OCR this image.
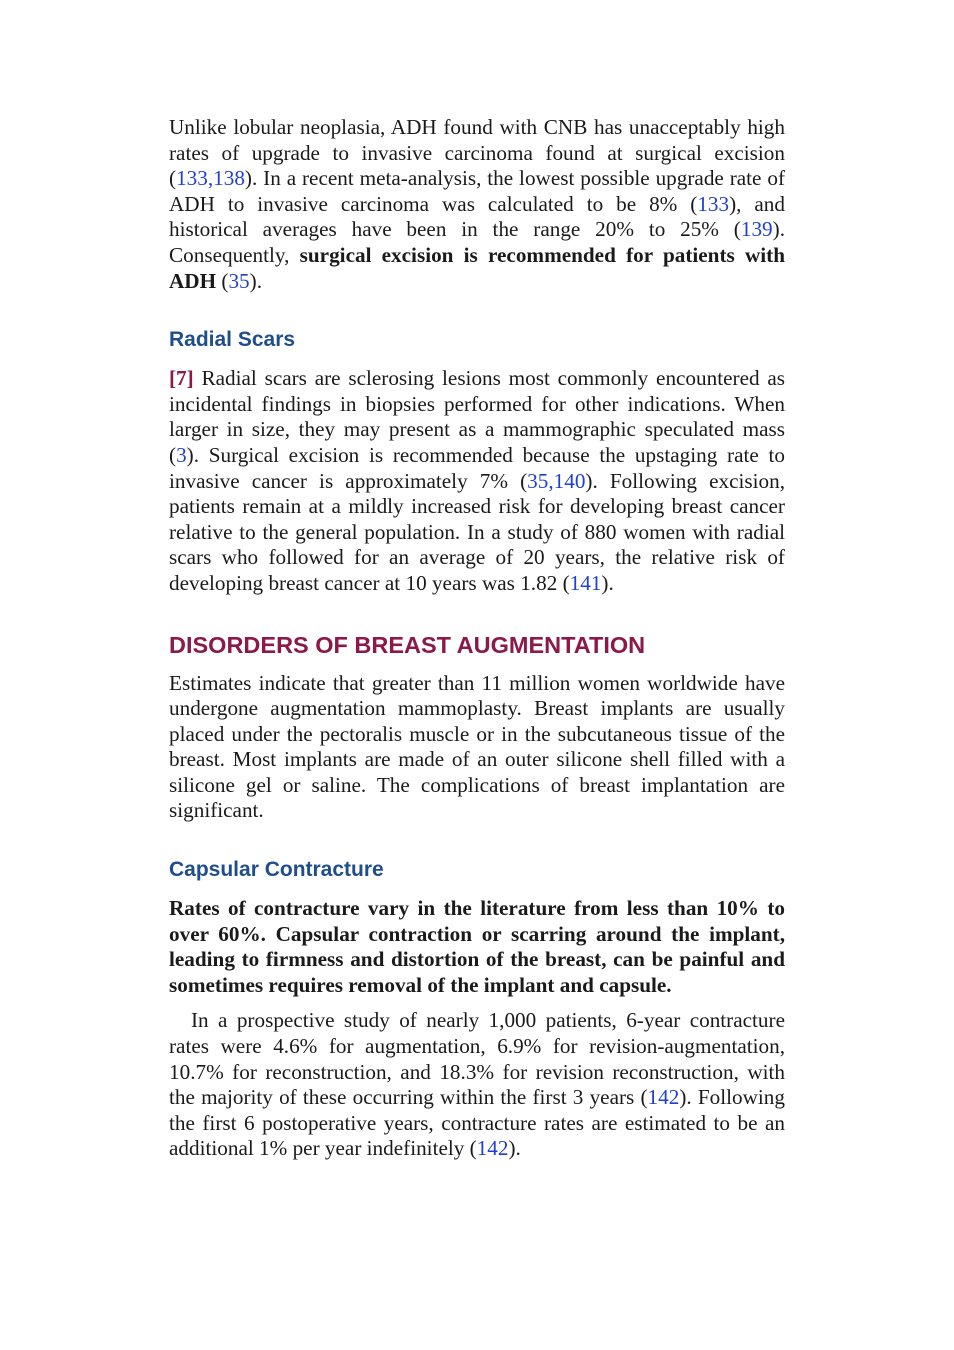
Unlike lobular neoplasia, ADH found with CNB has unacceptably high rates of upgrade to invasive carcinoma found at surgical excision (133,138). In a recent meta-analysis, the lowest possible upgrade rate of ADH to invasive carcinoma was calculated to be 8% (133), and historical averages have been in the range 20% to 25% (139). Consequently, surgical excision is recommended for patients with ADH (35).

Radial Scars

[7] Radial scars are sclerosing lesions most commonly encountered as incidental findings in biopsies performed for other indications. When larger in size, they may present as a mammographic speculated mass (3). Surgical excision is recommended because the upstaging rate to invasive cancer is approximately 7% (35,140). Following excision, patients remain at a mildly increased risk for developing breast cancer relative to the general population. In a study of 880 women with radial scars who followed for an average of 20 years, the relative risk of developing breast cancer at 10 years was 1.82 (141).

DISORDERS OF BREAST AUGMENTATION

Estimates indicate that greater than 11 million women worldwide have undergone augmentation mammoplasty. Breast implants are usually placed under the pectoralis muscle or in the subcutaneous tissue of the breast. Most implants are made of an outer silicone shell filled with a silicone gel or saline. The complications of breast implantation are significant.

Capsular Contracture

Rates of contracture vary in the literature from less than 10% to over 60%. Capsular contraction or scarring around the implant, leading to firmness and distortion of the breast, can be painful and sometimes requires removal of the implant and capsule.

In a prospective study of nearly 1,000 patients, 6-year contracture rates were 4.6% for augmentation, 6.9% for revision-augmentation, 10.7% for reconstruction, and 18.3% for revision reconstruction, with the majority of these occurring within the first 3 years (142). Following the first 6 postoperative years, contracture rates are estimated to be an additional 1% per year indefinitely (142).
